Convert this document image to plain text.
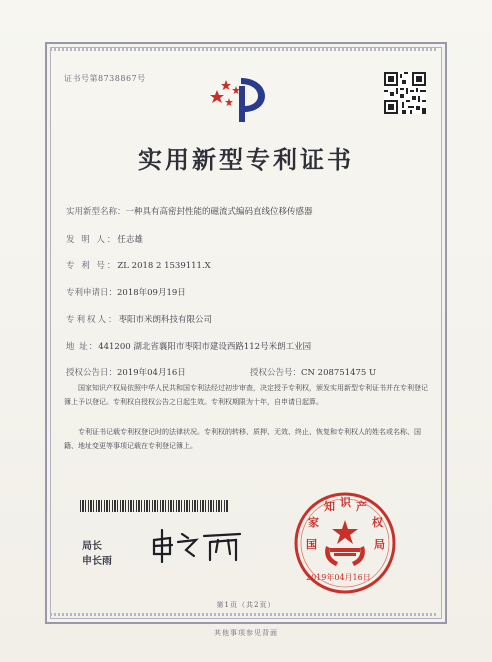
证书号第8738867号
实用新型专利证书
实用新型名称：一种具有高密封性能的磁流式编码直线位移传感器
发 明 人：任志雄
专 利 号：ZL 2018 2 1539111.X
专利申请日：2018年09月19日
专利权人：枣阳市米朗科技有限公司
地 址：441200 湖北省襄阳市枣阳市建设西路112号米朗工业园
授权公告日：2019年04月16日	授权公告号：CN 208751475 U
国家知识产权局依照中华人民共和国专利法经过初步审查，决定授予专利权，颁发实用新型专利证书并在专利登记簿上予以登记。专利权自授权公告之日起生效。专利权期限为十年，自申请日起算。
专利证书记载专利权登记时的法律状况。专利权的转移、质押、无效、终止、恢复和专利权人的姓名或名称、国籍、地址变更等事项记载在专利登记簿上。
局长
申长雨
国
家
知 识 产
权
局
2019年04月16日
第1页（共2页）
其他事项参见背面
